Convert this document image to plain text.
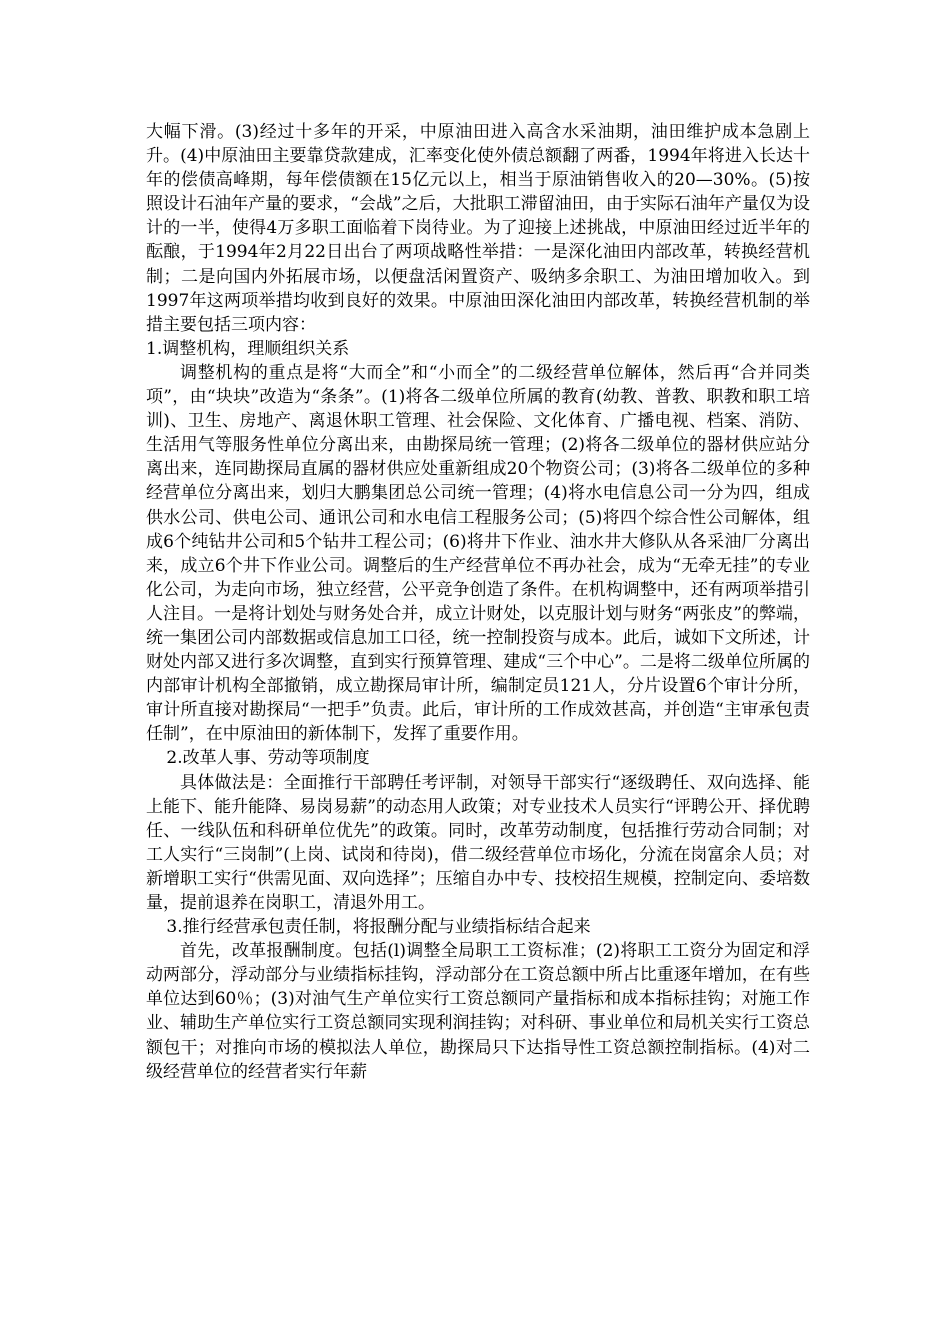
大幅下滑。(3)经过十多年的开采，中原油田进入高含水采油期，油田维护成本急剧上升。(4)中原油田主要靠贷款建成，汇率变化使外债总额翻了两番，1994年将进入长达十年的偿债高峰期，每年偿债额在15亿元以上，相当于原油销售收入的20—30%。(5)按照设计石油年产量的要求，“会战”之后，大批职工滞留油田，由于实际石油年产量仅为设计的一半，使得4万多职工面临着下岗待业。为了迎接上述挑战，中原油田经过近半年的酝酿，于1994年2月22日出台了两项战略性举措：一是深化油田内部改革，转换经营机制；二是向国内外拓展市场，以便盘活闲置资产、吸纳多余职工、为油田增加收入。到1997年这两项举措均收到良好的效果。中原油田深化油田内部改革，转换经营机制的举措主要包括三项内容：

1.调整机构，理顺组织关系

调整机构的重点是将“大而全”和“小而全”的二级经营单位解体，然后再“合并同类项”，由“块块”改造为“条条”。(1)将各二级单位所属的教育(幼教、普教、职教和职工培训)、卫生、房地产、离退休职工管理、社会保险、文化体育、广播电视、档案、消防、生活用气等服务性单位分离出来，由勘探局统一管理；(2)将各二级单位的器材供应站分离出来，连同勘探局直属的器材供应处重新组成20个物资公司；(3)将各二级单位的多种经营单位分离出来，划归大鹏集团总公司统一管理；(4)将水电信息公司一分为四，组成供水公司、供电公司、通讯公司和水电信工程服务公司；(5)将四个综合性公司解体，组成6个纯钻井公司和5个钻井工程公司；(6)将井下作业、油水井大修队从各采油厂分离出来，成立6个井下作业公司。调整后的生产经营单位不再办社会，成为“无牵无挂”的专业化公司，为走向市场，独立经营，公平竞争创造了条件。在机构调整中，还有两项举措引人注目。一是将计划处与财务处合并，成立计财处，以克服计划与财务“两张皮”的弊端，统一集团公司内部数据或信息加工口径，统一控制投资与成本。此后，诚如下文所述，计财处内部又进行多次调整，直到实行预算管理、建成“三个中心”。二是将二级单位所属的内部审计机构全部撤销，成立勘探局审计所，编制定员121人，分片设置6个审计分所，审计所直接对勘探局“一把手”负责。此后，审计所的工作成效甚高，并创造“主审承包责任制”，在中原油田的新体制下，发挥了重要作用。

2.改革人事、劳动等项制度

具体做法是：全面推行干部聘任考评制，对领导干部实行“逐级聘任、双向选择、能上能下、能升能降、易岗易薪”的动态用人政策；对专业技术人员实行“评聘公开、择优聘任、一线队伍和科研单位优先”的政策。同时，改革劳动制度，包括推行劳动合同制；对工人实行“三岗制”(上岗、试岗和待岗)，借二级经营单位市场化，分流在岗富余人员；对新增职工实行“供需见面、双向选择”；压缩自办中专、技校招生规模，控制定向、委培数量，提前退养在岗职工，清退外用工。

3.推行经营承包责任制，将报酬分配与业绩指标结合起来

首先，改革报酬制度。包括(l)调整全局职工工资标准；(2)将职工工资分为固定和浮动两部分，浮动部分与业绩指标挂钩，浮动部分在工资总额中所占比重逐年增加，在有些单位达到60％；(3)对油气生产单位实行工资总额同产量指标和成本指标挂钩；对施工作业、辅助生产单位实行工资总额同实现利润挂钩；对科研、事业单位和局机关实行工资总额包干；对推向市场的模拟法人单位，勘探局只下达指导性工资总额控制指标。(4)对二级经营单位的经营者实行年薪
